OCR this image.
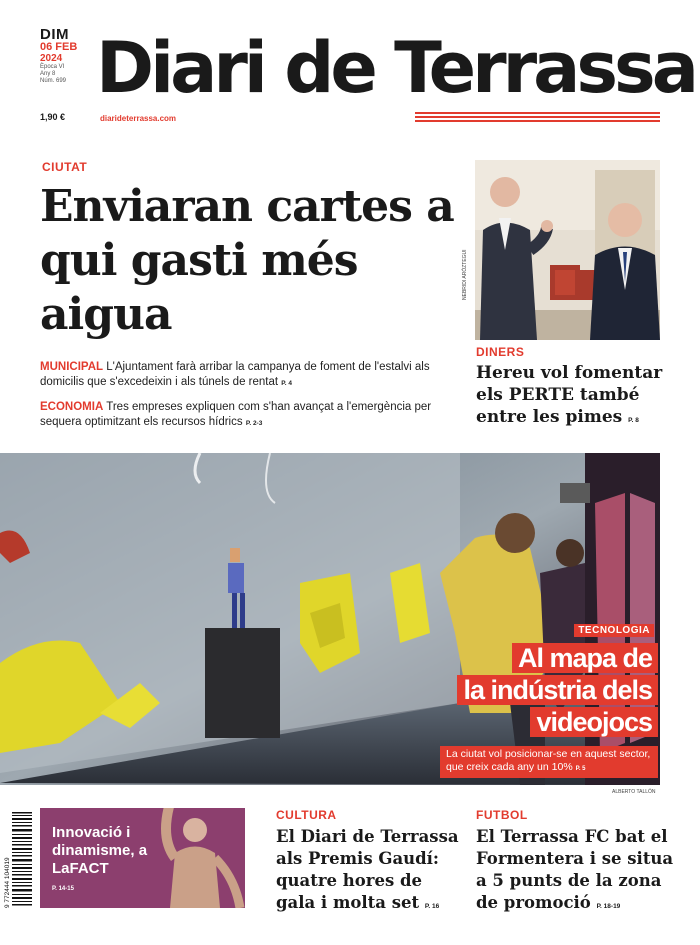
DIM
06 FEB
2024
Època VI
Any 8
Núm. 699
1,90 €
Diari de Terrassa
diarideterrassa.com
CIUTAT
Enviaran cartes a qui gasti més aigua

MUNICIPAL L'Ajuntament farà arribar la campanya de foment de l'estalvi als domicilis que s'excedeixin i als túnels de rentat P. 4

ECONOMIA Tres empreses expliquen com s'han avançat a l'emergència per sequera optimitzant els recursos hídrics P. 2-3

NEBRIDI ARÓZTEGUI
DINERS
Hereu vol fomentar els PERTE també entre les pimes P. 8
TECNOLOGIA
Al mapa de
la indústria dels
videojocs
La ciutat vol posicionar-se en aquest sector, que creix cada any un 10% P. 5
ALBERTO TALLÓN
9 772444 104019
Innovació i dinamisme, a LaFACT
P. 14-15
CULTURA
El Diari de Terrassa als Premis Gaudí: quatre hores de gala i molta set P. 16
FUTBOL
El Terrassa FC bat el Formentera i se situa a 5 punts de la zona de promoció P. 18-19
